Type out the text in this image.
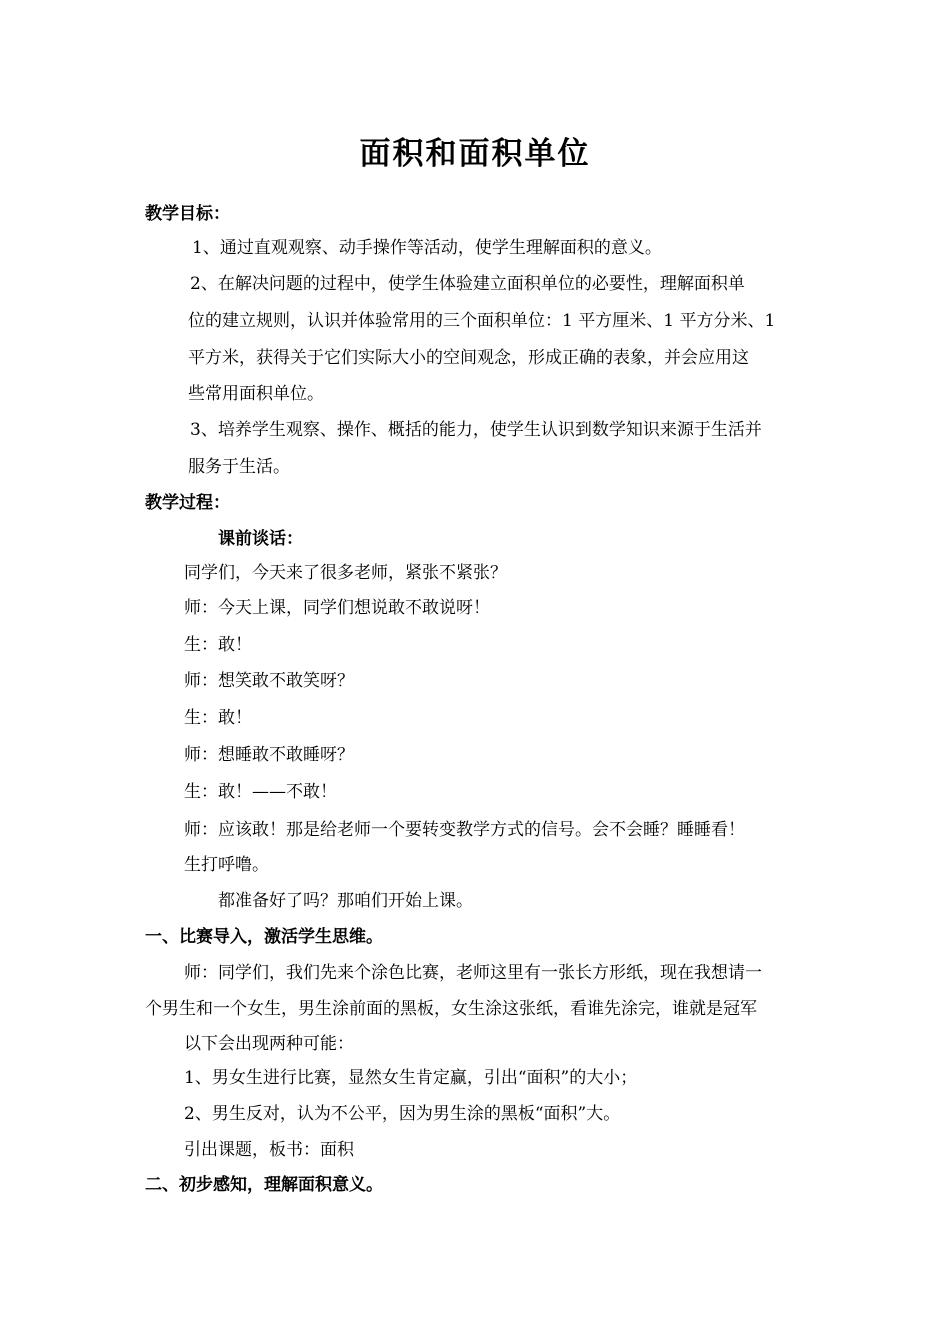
面积和面积单位
教学目标：
1、通过直观观察、动手操作等活动，使学生理解面积的意义。
2、在解决问题的过程中，使学生体验建立面积单位的必要性，理解面积单
位的建立规则，认识并体验常用的三个面积单位：1 平方厘米、1 平方分米、1
平方米，获得关于它们实际大小的空间观念，形成正确的表象，并会应用这
些常用面积单位。
3、培养学生观察、操作、概括的能力，使学生认识到数学知识来源于生活并
服务于生活。
教学过程：
课前谈话：
同学们，今天来了很多老师，紧张不紧张？
师：今天上课，同学们想说敢不敢说呀！
生：敢！
师：想笑敢不敢笑呀？
生：敢！
师：想睡敢不敢睡呀？
生：敢！——不敢！
师：应该敢！那是给老师一个要转变教学方式的信号。会不会睡？睡睡看！
生打呼噜。
都准备好了吗？那咱们开始上课。
一、比赛导入，激活学生思维。
师：同学们，我们先来个涂色比赛，老师这里有一张长方形纸，现在我想请一
个男生和一个女生，男生涂前面的黑板，女生涂这张纸，看谁先涂完，谁就是冠军
以下会出现两种可能：
1、男女生进行比赛，显然女生肯定赢，引出“面积”的大小；
2、男生反对，认为不公平，因为男生涂的黑板“面积”大。
引出课题，板书：面积
二、初步感知，理解面积意义。
